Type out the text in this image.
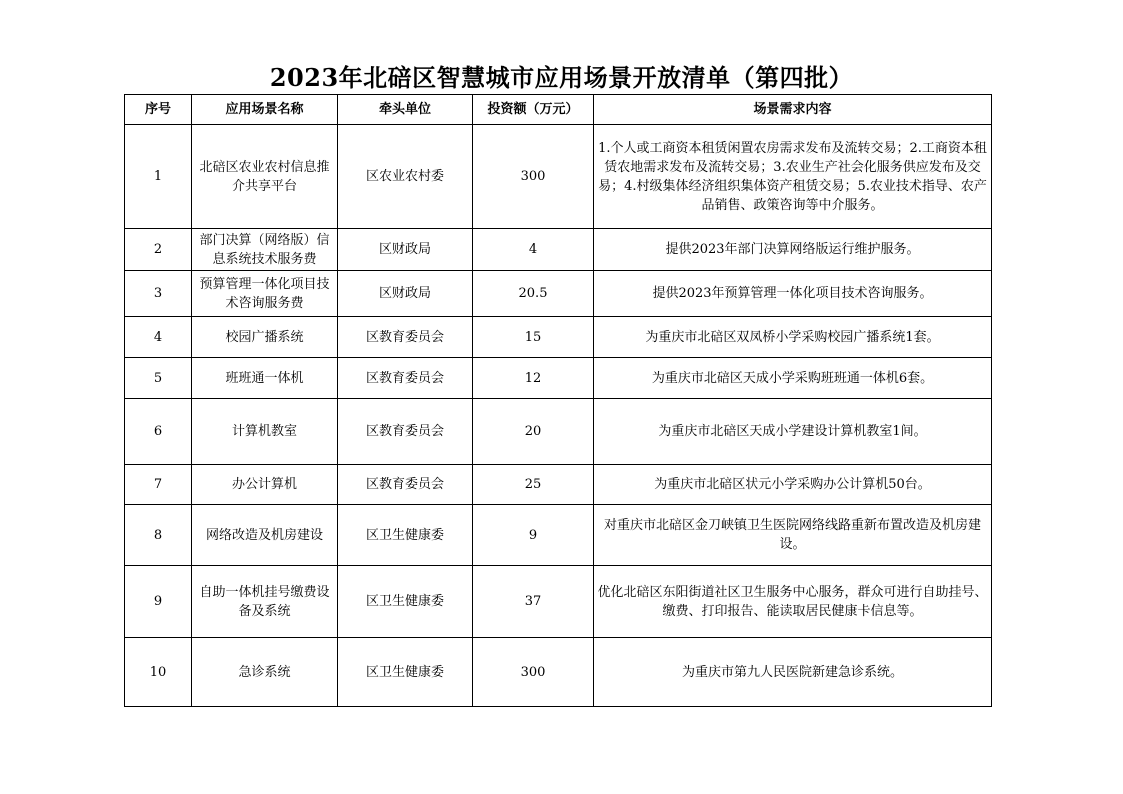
2023年北碚区智慧城市应用场景开放清单（第四批）
序号	应用场景名称	牵头单位	投资额（万元）	场景需求内容
1	北碚区农业农村信息推介共享平台	区农业农村委	300	1.个人或工商资本租赁闲置农房需求发布及流转交易；2.工商资本租赁农地需求发布及流转交易；3.农业生产社会化服务供应发布及交易；4.村级集体经济组织集体资产租赁交易；5.农业技术指导、农产品销售、政策咨询等中介服务。
2	部门决算（网络版）信息系统技术服务费	区财政局	4	提供2023年部门决算网络版运行维护服务。
3	预算管理一体化项目技术咨询服务费	区财政局	20.5	提供2023年预算管理一体化项目技术咨询服务。
4	校园广播系统	区教育委员会	15	为重庆市北碚区双凤桥小学采购校园广播系统1套。
5	班班通一体机	区教育委员会	12	为重庆市北碚区天成小学采购班班通一体机6套。
6	计算机教室	区教育委员会	20	为重庆市北碚区天成小学建设计算机教室1间。
7	办公计算机	区教育委员会	25	为重庆市北碚区状元小学采购办公计算机50台。
8	网络改造及机房建设	区卫生健康委	9	对重庆市北碚区金刀峡镇卫生医院网络线路重新布置改造及机房建设。
9	自助一体机挂号缴费设备及系统	区卫生健康委	37	优化北碚区东阳街道社区卫生服务中心服务，群众可进行自助挂号、缴费、打印报告、能读取居民健康卡信息等。
10	急诊系统	区卫生健康委	300	为重庆市第九人民医院新建急诊系统。
